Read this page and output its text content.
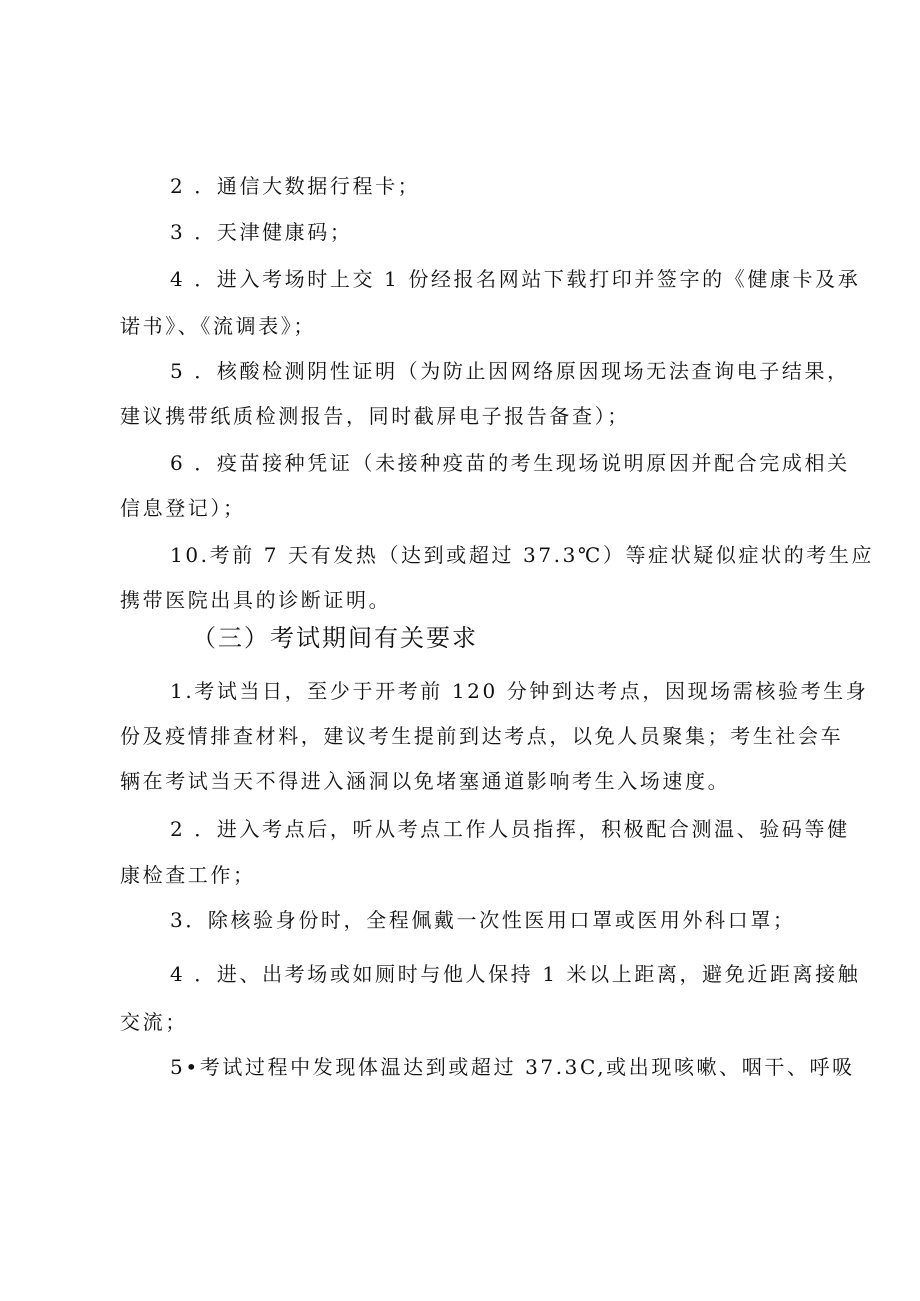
2 ．通信大数据行程卡；
3 ．天津健康码；
4 ．进入考场时上交 1 份经报名网站下载打印并签字的《健康卡及承
诺书》、《流调表》；
5 ．核酸检测阴性证明（为防止因网络原因现场无法查询电子结果，
建议携带纸质检测报告，同时截屏电子报告备查）；
6 ．疫苗接种凭证（未接种疫苗的考生现场说明原因并配合完成相关
信息登记）；
10.考前 7 天有发热（达到或超过 37.3℃）等症状疑似症状的考生应
携带医院出具的诊断证明。
（三）考试期间有关要求
1.考试当日，至少于开考前 120 分钟到达考点，因现场需核验考生身
份及疫情排查材料，建议考生提前到达考点，以免人员聚集；考生社会车
辆在考试当天不得进入涵洞以免堵塞通道影响考生入场速度。
2 ．进入考点后，听从考点工作人员指挥，积极配合测温、验码等健
康检查工作；
3．除核验身份时，全程佩戴一次性医用口罩或医用外科口罩；
4 ．进、出考场或如厕时与他人保持 1 米以上距离，避免近距离接触
交流；
5•考试过程中发现体温达到或超过 37.3C,或出现咳嗽、咽干、呼吸
